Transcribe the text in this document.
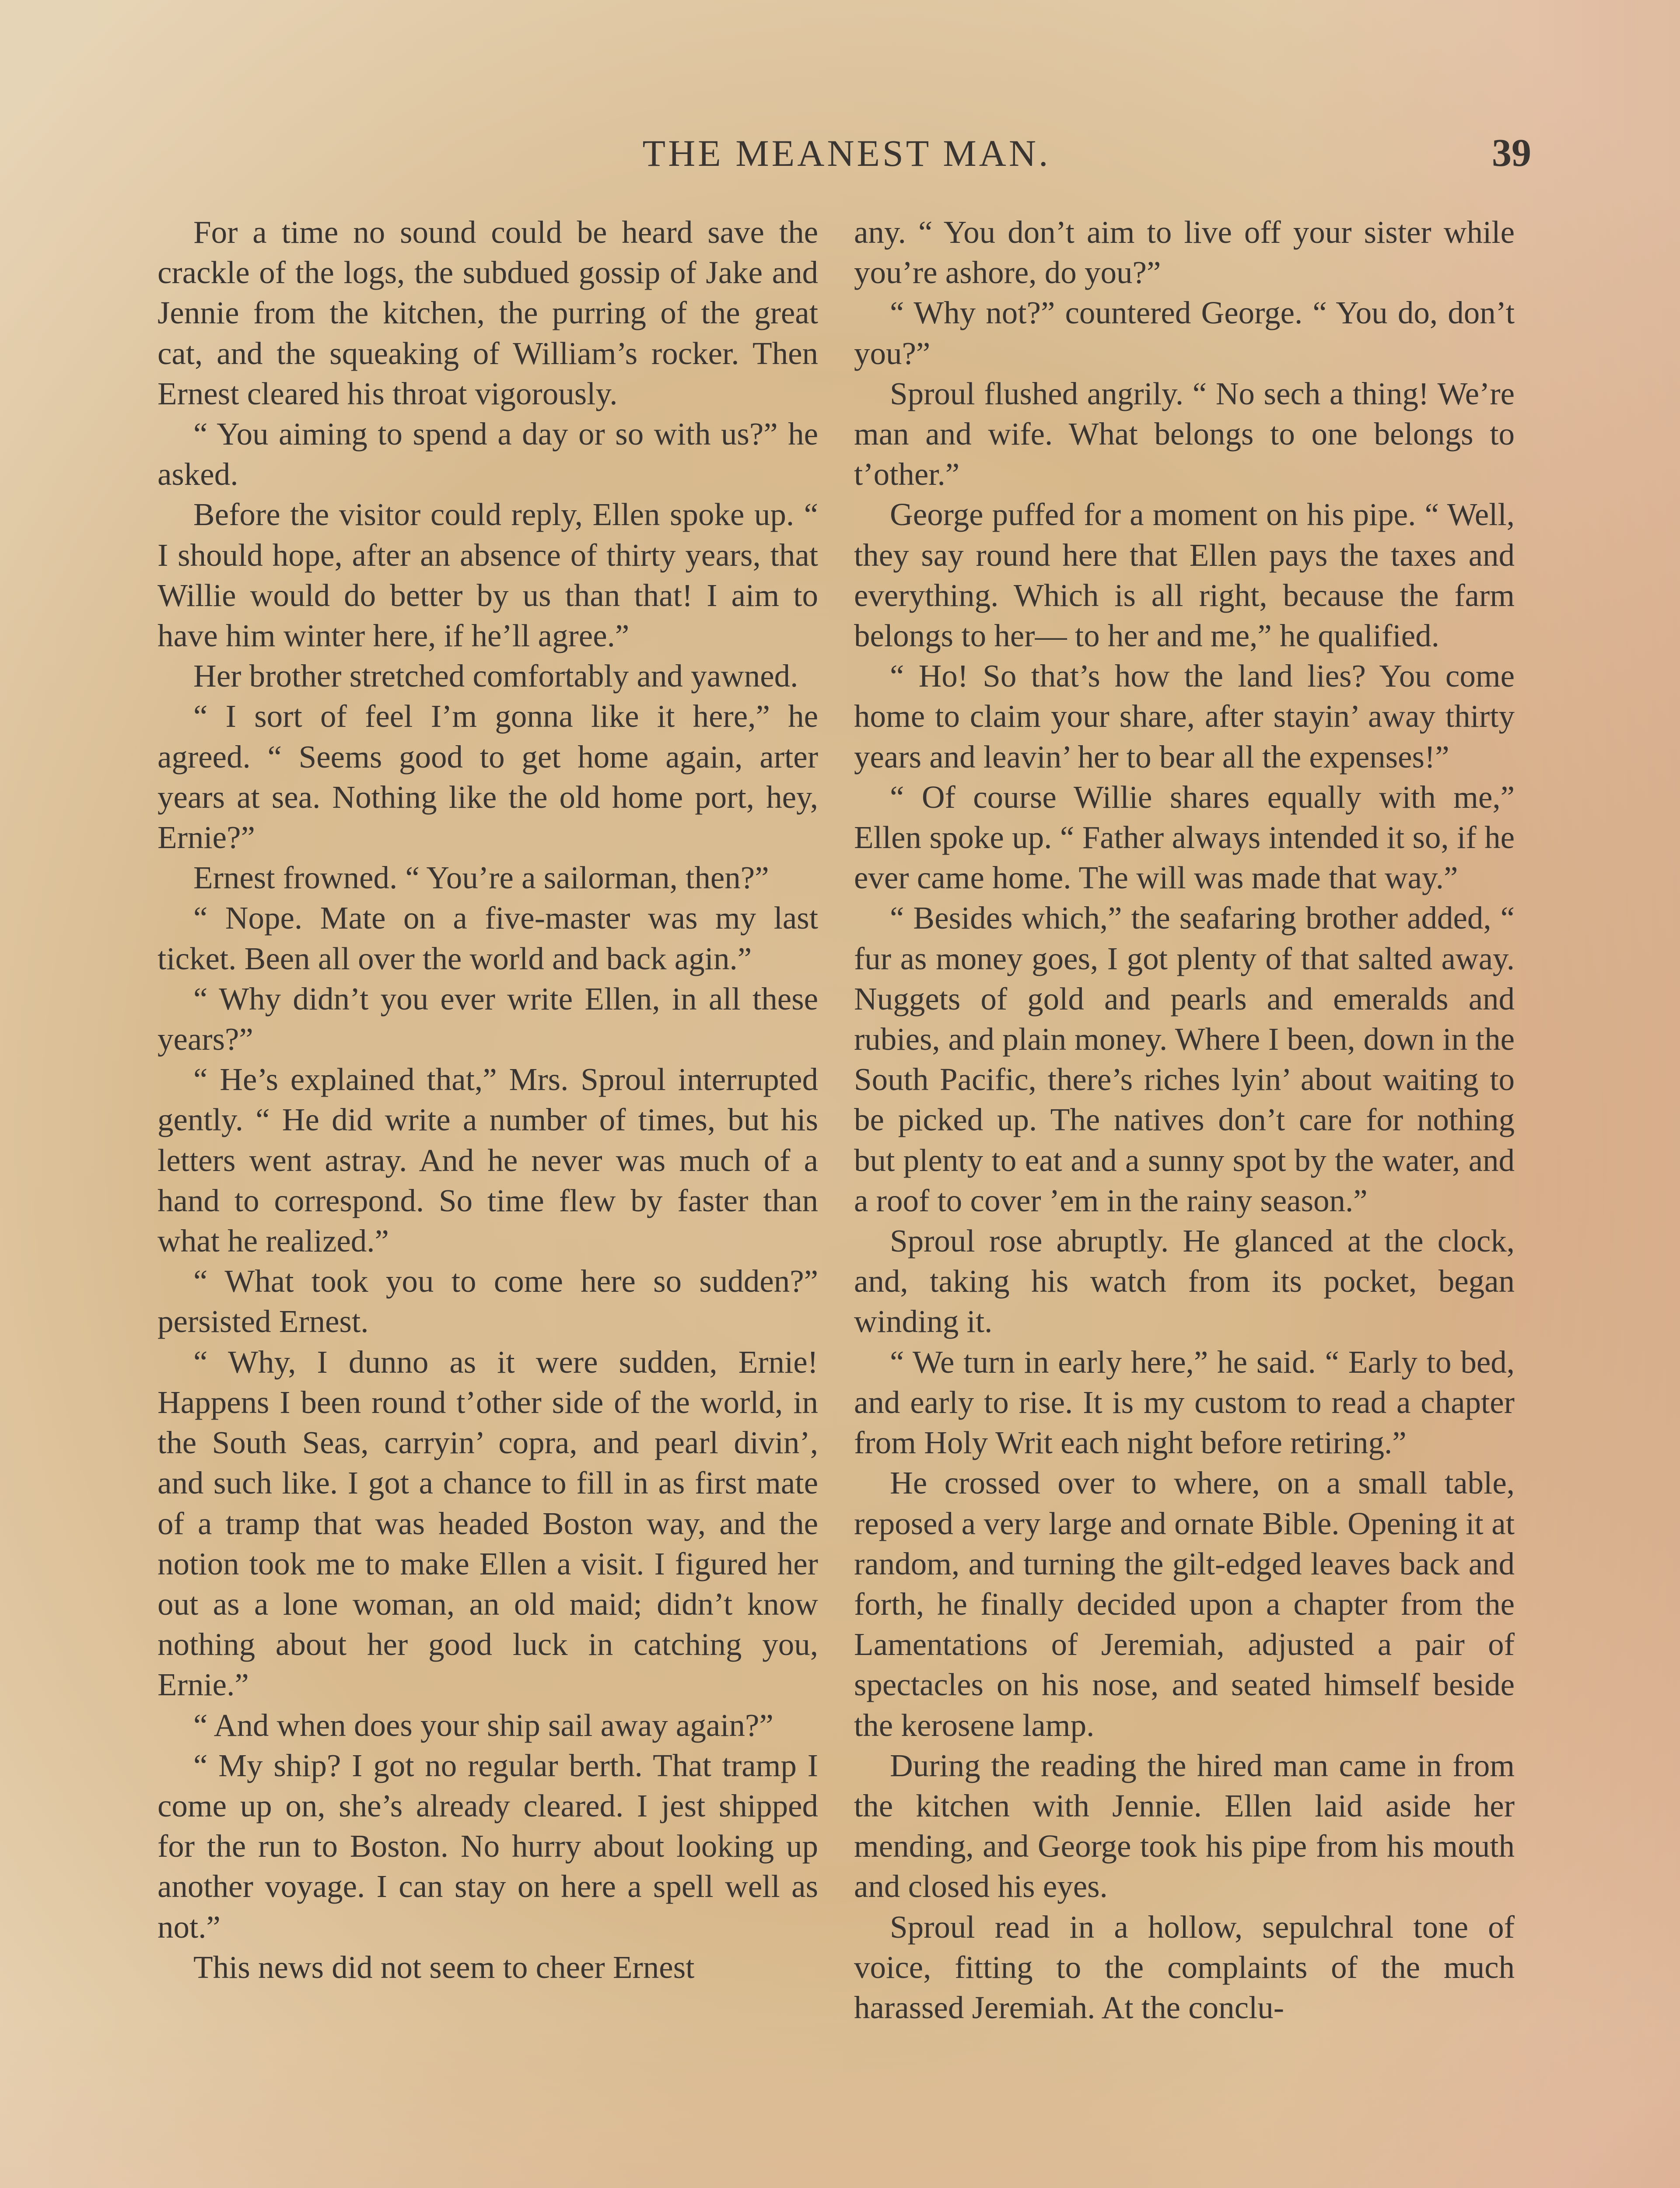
THE MEANEST MAN.	39

For a time no sound could be heard save the crackle of the logs, the subdued gossip of Jake and Jennie from the kitchen, the purring of the great cat, and the squeaking of William’s rocker. Then Ernest cleared his throat vigorously.

“ You aiming to spend a day or so with us?” he asked.

Before the visitor could reply, Ellen spoke up. “ I should hope, after an absence of thirty years, that Willie would do better by us than that! I aim to have him winter here, if he’ll agree.”

Her brother stretched comfortably and yawned.

“ I sort of feel I’m gonna like it here,” he agreed. “ Seems good to get home again, arter years at sea. Nothing like the old home port, hey, Ernie?”

Ernest frowned. “ You’re a sailorman, then?”

“ Nope. Mate on a five-master was my last ticket. Been all over the world and back agin.”

“ Why didn’t you ever write Ellen, in all these years?”

“ He’s explained that,” Mrs. Sproul interrupted gently. “ He did write a number of times, but his letters went astray. And he never was much of a hand to correspond. So time flew by faster than what he realized.”

“ What took you to come here so sudden?” persisted Ernest.

“ Why, I dunno as it were sudden, Ernie! Happens I been round t’other side of the world, in the South Seas, carryin’ copra, and pearl divin’, and such like. I got a chance to fill in as first mate of a tramp that was headed Boston way, and the notion took me to make Ellen a visit. I figured her out as a lone woman, an old maid; didn’t know nothing about her good luck in catching you, Ernie.”

“ And when does your ship sail away again?”

“ My ship? I got no regular berth. That tramp I come up on, she’s already cleared. I jest shipped for the run to Boston. No hurry about looking up another voyage. I can stay on here a spell well as not.”

This news did not seem to cheer Ernest

any. “ You don’t aim to live off your sister while you’re ashore, do you?”

“ Why not?” countered George. “ You do, don’t you?”

Sproul flushed angrily. “ No sech a thing! We’re man and wife. What belongs to one belongs to t’other.”

George puffed for a moment on his pipe. “ Well, they say round here that Ellen pays the taxes and everything. Which is all right, because the farm belongs to her— to her and me,” he qualified.

“ Ho! So that’s how the land lies? You come home to claim your share, after stayin’ away thirty years and leavin’ her to bear all the expenses!”

“ Of course Willie shares equally with me,” Ellen spoke up. “ Father always intended it so, if he ever came home. The will was made that way.”

“ Besides which,” the seafaring brother added, “ fur as money goes, I got plenty of that salted away. Nuggets of gold and pearls and emeralds and rubies, and plain money. Where I been, down in the South Pacific, there’s riches lyin’ about waiting to be picked up. The natives don’t care for nothing but plenty to eat and a sunny spot by the water, and a roof to cover ’em in the rainy season.”

Sproul rose abruptly. He glanced at the clock, and, taking his watch from its pocket, began winding it.

“ We turn in early here,” he said. “ Early to bed, and early to rise. It is my custom to read a chapter from Holy Writ each night before retiring.”

He crossed over to where, on a small table, reposed a very large and ornate Bible. Opening it at random, and turning the gilt-edged leaves back and forth, he finally decided upon a chapter from the Lamentations of Jeremiah, adjusted a pair of spectacles on his nose, and seated himself beside the kerosene lamp.

During the reading the hired man came in from the kitchen with Jennie. Ellen laid aside her mending, and George took his pipe from his mouth and closed his eyes.

Sproul read in a hollow, sepulchral tone of voice, fitting to the complaints of the much harassed Jeremiah. At the conclu-
